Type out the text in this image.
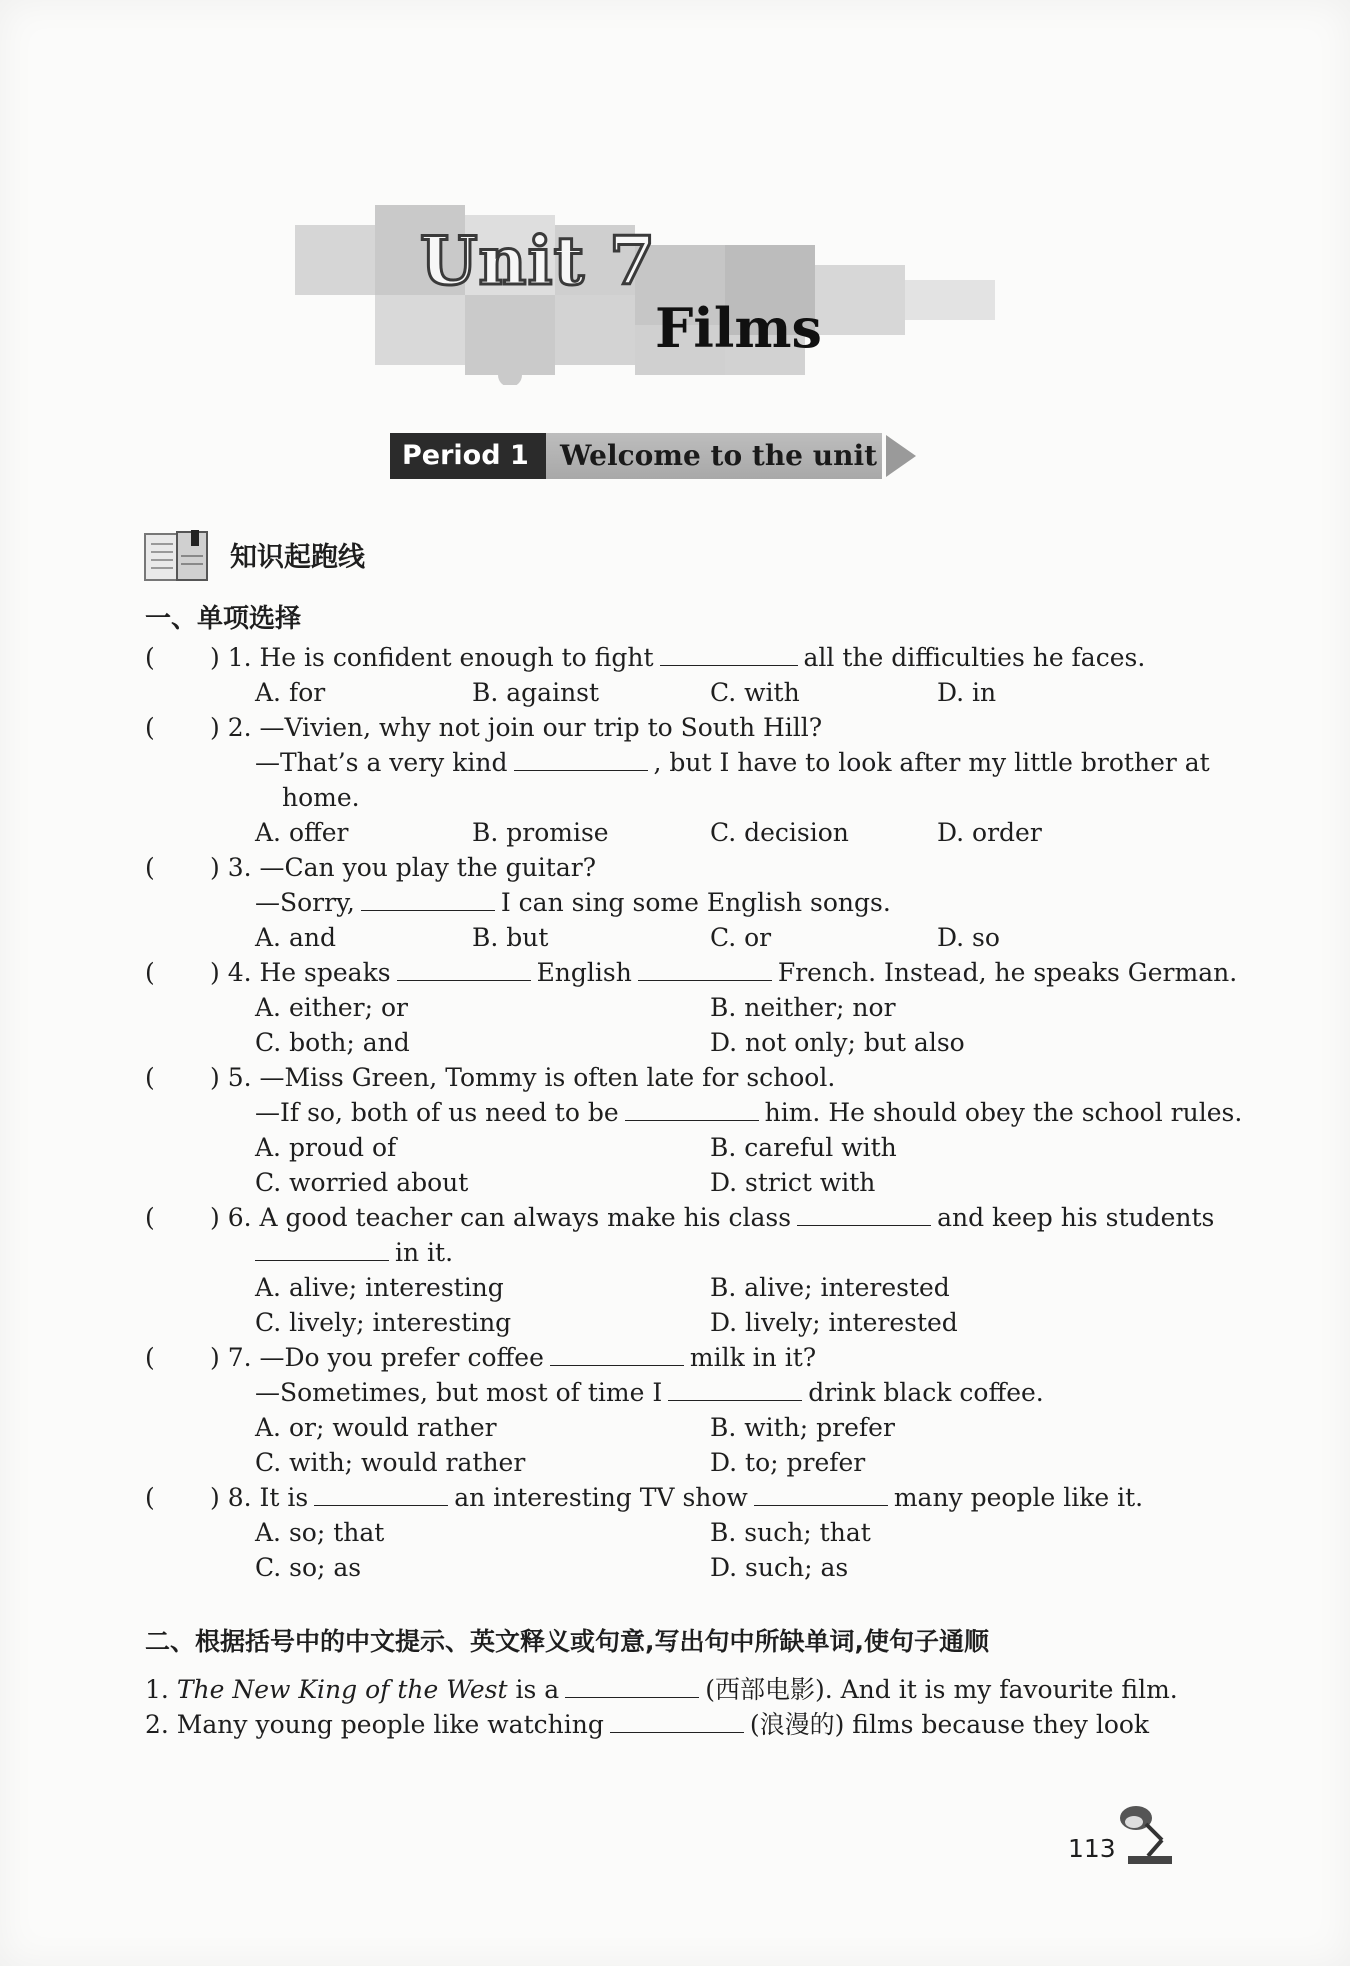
Unit 7
Films
Period 1	Welcome to the unit
知识起跑线
一、单项选择
( ) 1. He is confident enough to fight	all the difficulties he faces.
A. for	B. against	C. with	D. in
( ) 2. —Vivien, why not join our trip to South Hill?
—That’s a very kind	, but I have to look after my little brother at
home.
A. offer	B. promise	C. decision	D. order
( ) 3. —Can you play the guitar?
—Sorry,	I can sing some English songs.
A. and	B. but	C. or	D. so
( ) 4. He speaks	English	French. Instead, he speaks German.
A. either; or	B. neither; nor
C. both; and	D. not only; but also
( ) 5. —Miss Green, Tommy is often late for school.
—If so, both of us need to be	him. He should obey the school rules.
A. proud of	B. careful with
C. worried about	D. strict with
( ) 6. A good teacher can always make his class	and keep his students
in it.
A. alive; interesting	B. alive; interested
C. lively; interesting	D. lively; interested
( ) 7. —Do you prefer coffee	milk in it?
—Sometimes, but most of time I	drink black coffee.
A. or; would rather	B. with; prefer
C. with; would rather	D. to; prefer
( ) 8. It is	an interesting TV show	many people like it.
A. so; that	B. such; that
C. so; as	D. such; as
二、根据括号中的中文提示、英文释义或句意,写出句中所缺单词,使句子通顺
1. The New King of the West is a	(西部电影). And it is my favourite film.
2. Many young people like watching	(浪漫的) films because they look
113
